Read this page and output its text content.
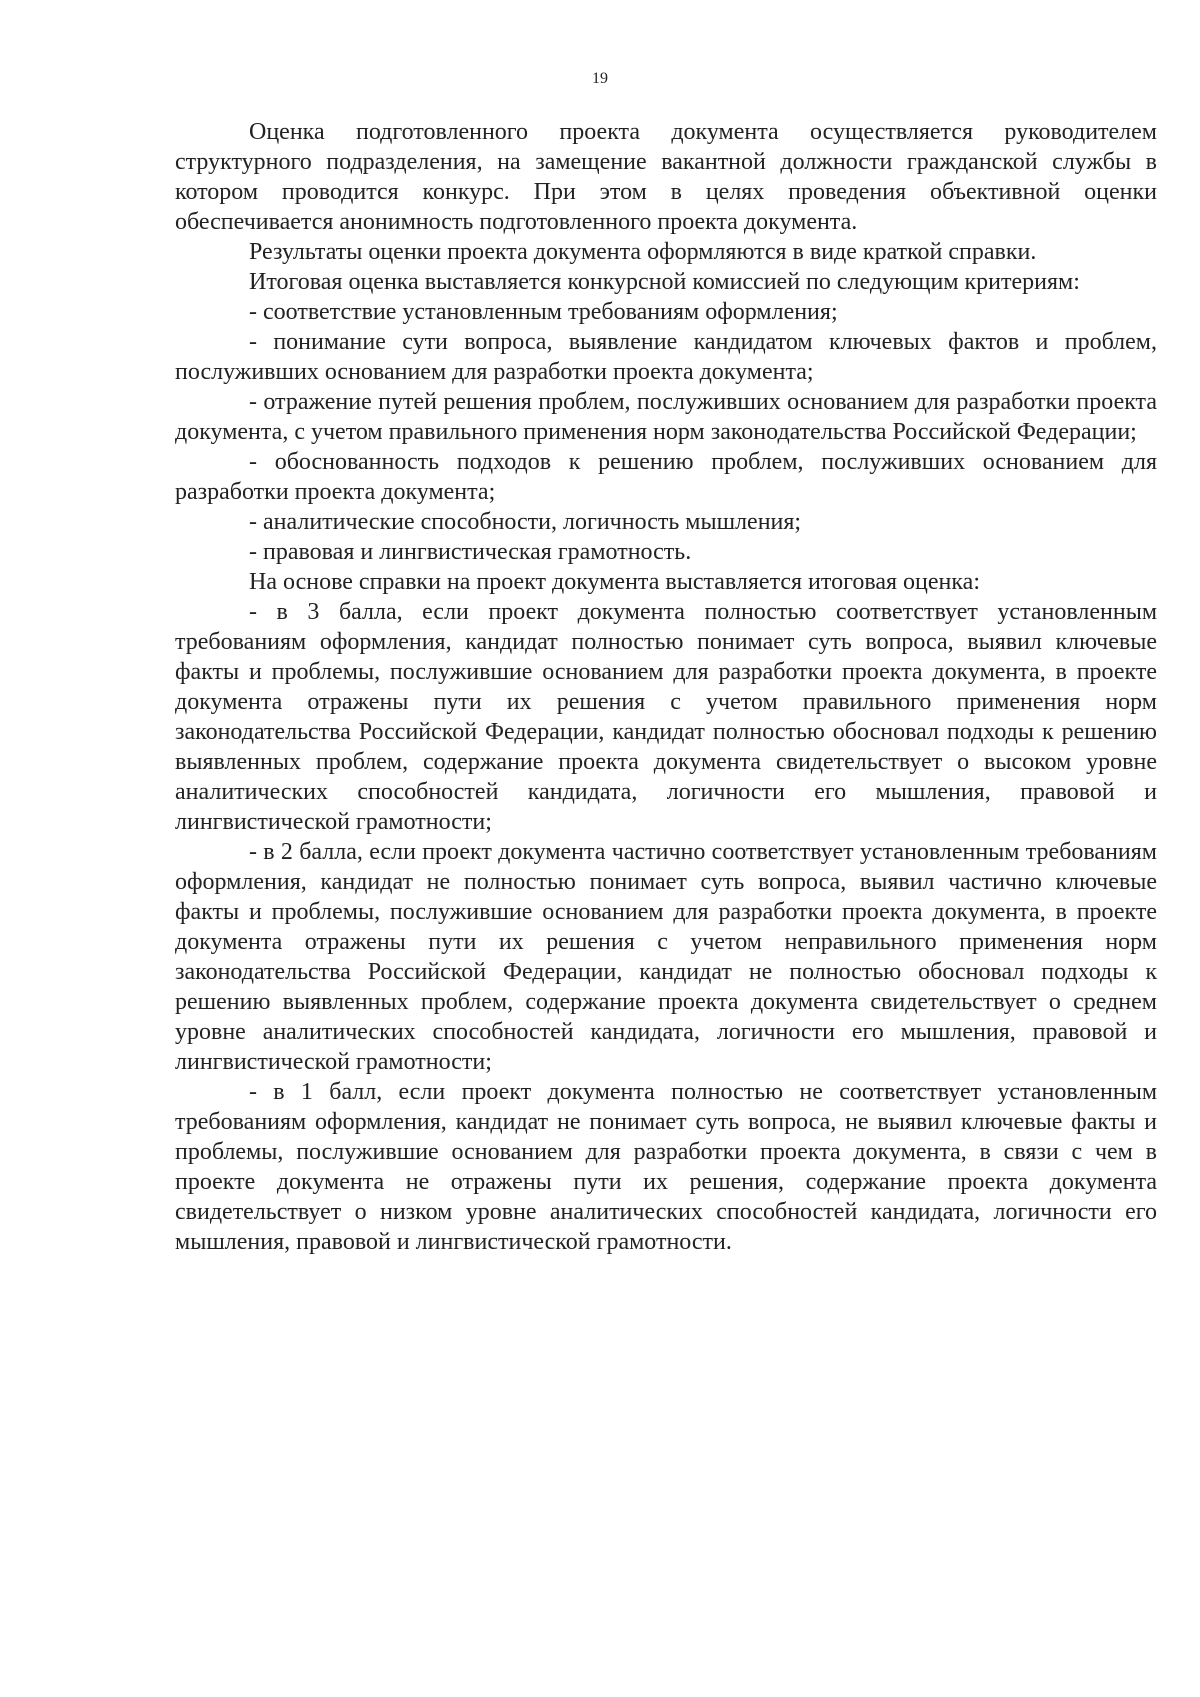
19

Оценка подготовленного проекта документа осуществляется руководителем структурного подразделения, на замещение вакантной должности гражданской службы в котором проводится конкурс. При этом в целях проведения объективной оценки обеспечивается анонимность подготовленного проекта документа.

Результаты оценки проекта документа оформляются в виде краткой справки.

Итоговая оценка выставляется конкурсной комиссией по следующим критериям:

- соответствие установленным требованиям оформления;

- понимание сути вопроса, выявление кандидатом ключевых фактов и проблем, послуживших основанием для разработки проекта документа;

- отражение путей решения проблем, послуживших основанием для разработки проекта документа, с учетом правильного применения норм законодательства Российской Федерации;

- обоснованность подходов к решению проблем, послуживших основанием для разработки проекта документа;

- аналитические способности, логичность мышления;

- правовая и лингвистическая грамотность.

На основе справки на проект документа выставляется итоговая оценка:

- в 3 балла, если проект документа полностью соответствует установленным требованиям оформления, кандидат полностью понимает суть вопроса, выявил ключевые факты и проблемы, послужившие основанием для разработки проекта документа, в проекте документа отражены пути их решения с учетом правильного применения норм законодательства Российской Федерации, кандидат полностью обосновал подходы к решению выявленных проблем, содержание проекта документа свидетельствует о высоком уровне аналитических способностей кандидата, логичности его мышления, правовой и лингвистической грамотности;

- в 2 балла, если проект документа частично соответствует установленным требованиям оформления, кандидат не полностью понимает суть вопроса, выявил частично ключевые факты и проблемы, послужившие основанием для разработки проекта документа, в проекте документа отражены пути их решения с учетом неправильного применения норм законодательства Российской Федерации, кандидат не полностью обосновал подходы к решению выявленных проблем, содержание проекта документа свидетельствует о среднем уровне аналитических способностей кандидата, логичности его мышления, правовой и лингвистической грамотности;

- в 1 балл, если проект документа полностью не соответствует установленным требованиям оформления, кандидат не понимает суть вопроса, не выявил ключевые факты и проблемы, послужившие основанием для разработки проекта документа, в связи с чем в проекте документа не отражены пути их решения, содержание проекта документа свидетельствует о низком уровне аналитических способностей кандидата, логичности его мышления, правовой и лингвистической грамотности.
